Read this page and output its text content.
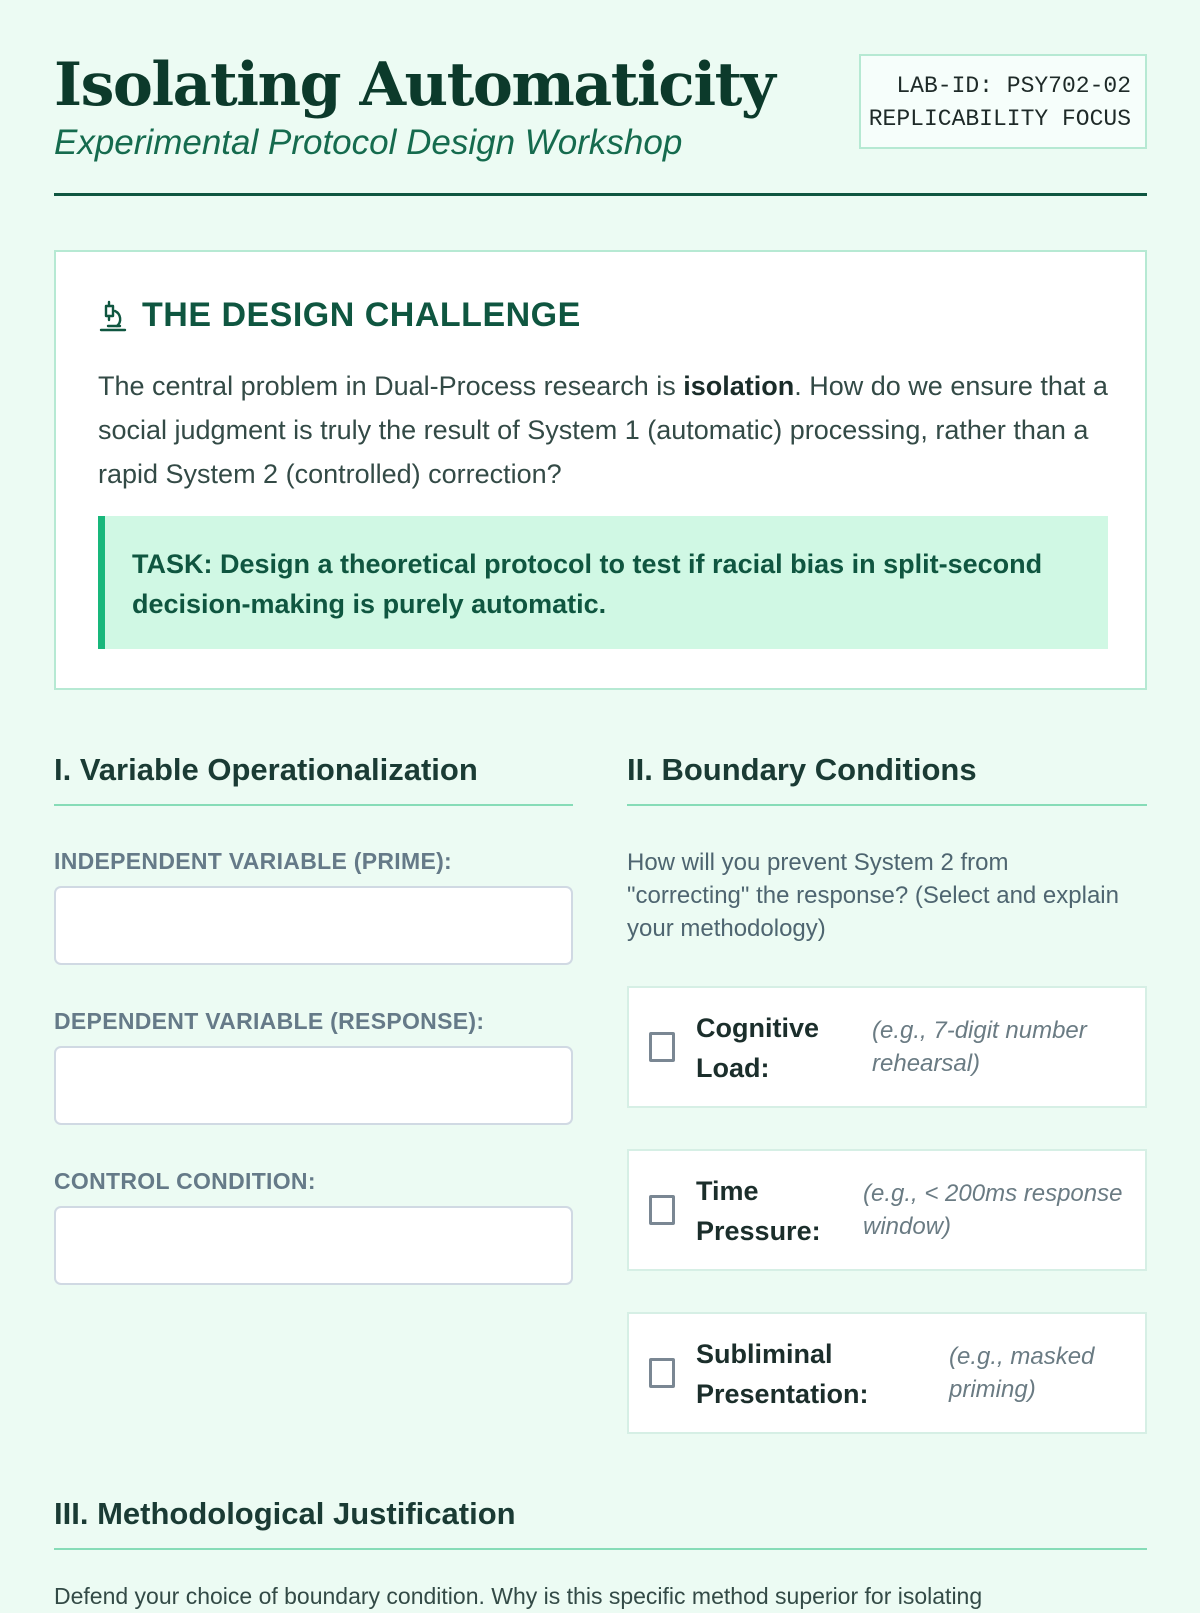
Isolating Automaticity

Experimental Protocol Design Workshop

LAB-ID: PSY702-02
REPLICABILITY FOCUS
THE DESIGN CHALLENGE

The central problem in Dual-Process research is isolation. How do we ensure that a social judgment is truly the result of System 1 (automatic) processing, rather than a rapid System 2 (controlled) correction?

TASK: Design a theoretical protocol to test if racial bias in split-second decision-making is purely automatic.
I. Variable Operationalization
INDEPENDENT VARIABLE (PRIME):
DEPENDENT VARIABLE (RESPONSE):
CONTROL CONDITION:
II. Boundary Conditions

How will you prevent System 2 from "correcting" the response? (Select and explain your methodology)

Cognitive Load:
(e.g., 7-digit number rehearsal)
Time Pressure:
(e.g., < 200ms response window)
Subliminal Presentation:
(e.g., masked priming)
III. Methodological Justification

Defend your choice of boundary condition. Why is this specific method superior for isolating
